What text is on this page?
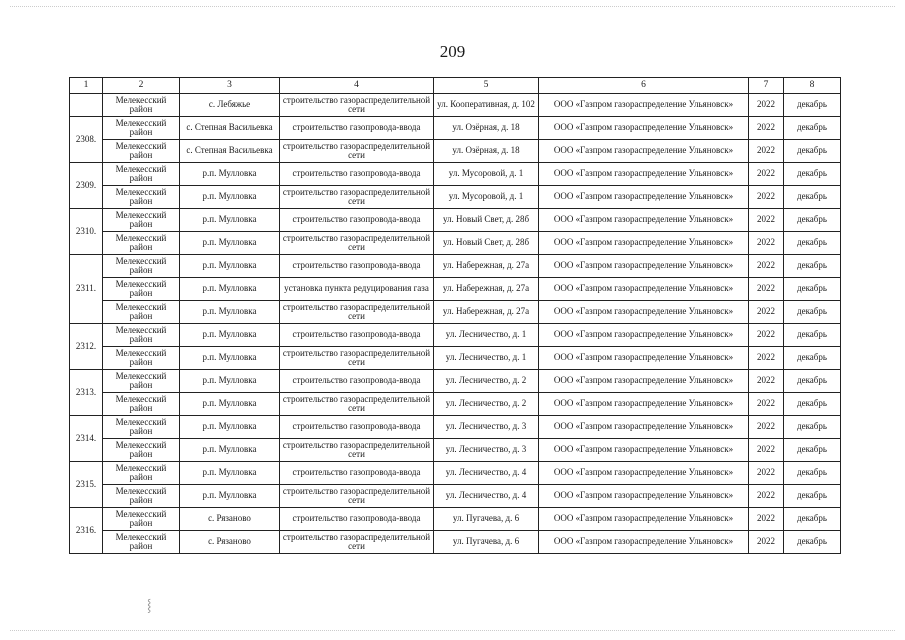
209
1	2	3	4	5	6	7	8
	Мелекесский район	с. Лебяжье	строительство газораспределительной сети	ул. Кооперативная, д. 102	ООО «Газпром газораспределение Ульяновск»	2022	декабрь
2308.	Мелекесский район	с. Степная Васильевка	строительство газопровода-ввода	ул. Озёрная, д. 18	ООО «Газпром газораспределение Ульяновск»	2022	декабрь
	Мелекесский район	с. Степная Васильевка	строительство газораспределительной сети	ул. Озёрная, д. 18	ООО «Газпром газораспределение Ульяновск»	2022	декабрь
2309.	Мелекесский район	р.п. Мулловка	строительство газопровода-ввода	ул. Мусоровой, д. 1	ООО «Газпром газораспределение Ульяновск»	2022	декабрь
	Мелекесский район	р.п. Мулловка	строительство газораспределительной сети	ул. Мусоровой, д. 1	ООО «Газпром газораспределение Ульяновск»	2022	декабрь
2310.	Мелекесский район	р.п. Мулловка	строительство газопровода-ввода	ул. Новый Свет, д. 28б	ООО «Газпром газораспределение Ульяновск»	2022	декабрь
	Мелекесский район	р.п. Мулловка	строительство газораспределительной сети	ул. Новый Свет, д. 28б	ООО «Газпром газораспределение Ульяновск»	2022	декабрь
2311.	Мелекесский район	р.п. Мулловка	строительство газопровода-ввода	ул. Набережная, д. 27а	ООО «Газпром газораспределение Ульяновск»	2022	декабрь
	Мелекесский район	р.п. Мулловка	установка пункта редуцирования газа	ул. Набережная, д. 27а	ООО «Газпром газораспределение Ульяновск»	2022	декабрь
	Мелекесский район	р.п. Мулловка	строительство газораспределительной сети	ул. Набережная, д. 27а	ООО «Газпром газораспределение Ульяновск»	2022	декабрь
2312.	Мелекесский район	р.п. Мулловка	строительство газопровода-ввода	ул. Лесничество, д. 1	ООО «Газпром газораспределение Ульяновск»	2022	декабрь
	Мелекесский район	р.п. Мулловка	строительство газораспределительной сети	ул. Лесничество, д. 1	ООО «Газпром газораспределение Ульяновск»	2022	декабрь
2313.	Мелекесский район	р.п. Мулловка	строительство газопровода-ввода	ул. Лесничество, д. 2	ООО «Газпром газораспределение Ульяновск»	2022	декабрь
	Мелекесский район	р.п. Мулловка	строительство газораспределительной сети	ул. Лесничество, д. 2	ООО «Газпром газораспределение Ульяновск»	2022	декабрь
2314.	Мелекесский район	р.п. Мулловка	строительство газопровода-ввода	ул. Лесничество, д. 3	ООО «Газпром газораспределение Ульяновск»	2022	декабрь
	Мелекесский район	р.п. Мулловка	строительство газораспределительной сети	ул. Лесничество, д. 3	ООО «Газпром газораспределение Ульяновск»	2022	декабрь
2315.	Мелекесский район	р.п. Мулловка	строительство газопровода-ввода	ул. Лесничество, д. 4	ООО «Газпром газораспределение Ульяновск»	2022	декабрь
	Мелекесский район	р.п. Мулловка	строительство газораспределительной сети	ул. Лесничество, д. 4	ООО «Газпром газораспределение Ульяновск»	2022	декабрь
2316.	Мелекесский район	с. Рязаново	строительство газопровода-ввода	ул. Пугачева, д. 6	ООО «Газпром газораспределение Ульяновск»	2022	декабрь
	Мелекесский район	с. Рязаново	строительство газораспределительной сети	ул. Пугачева, д. 6	ООО «Газпром газораспределение Ульяновск»	2022	декабрь
⸾
